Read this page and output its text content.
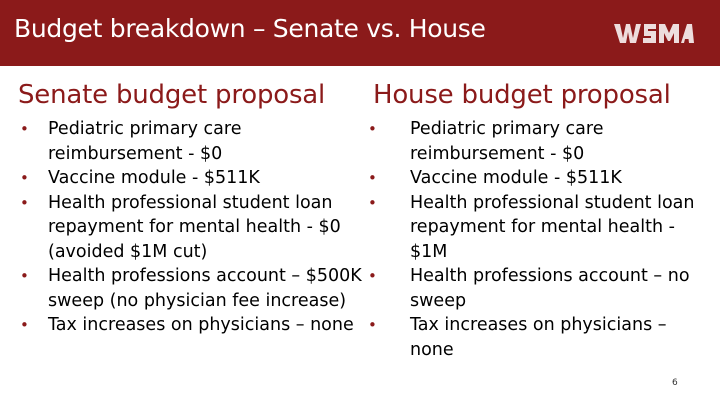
Budget breakdown – Senate vs. House
Senate budget proposal House budget proposal
• Pediatric primary care reimbursement - $0
• Vaccine module - $511K
• Health professional student loan repayment for mental health - $0 (avoided $1M cut)
• Health professions account – $500K sweep (no physician fee increase)
• Tax increases on physicians – none
• Pediatric primary care reimbursement - $0
• Vaccine module - $511K
• Health professional student loan repayment for mental health - $1M
• Health professions account – no sweep
• Tax increases on physicians – none
6
